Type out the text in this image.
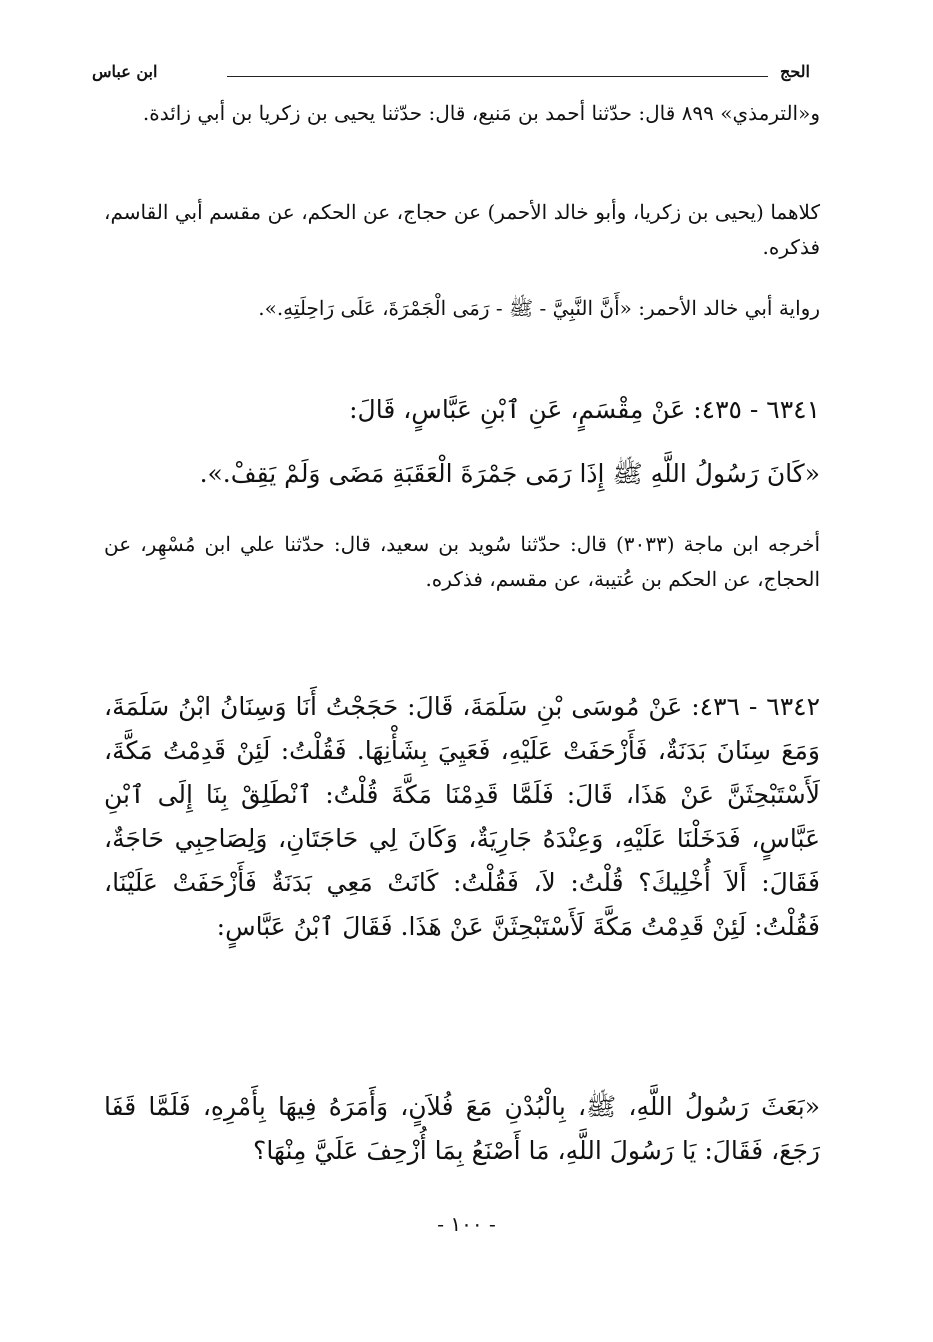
الحج
ابن عباس
و«الترمذي» ٨٩٩ قال: حدّثنا أحمد بن مَنيع، قال: حدّثنا يحيى بن زكريا بن أبي زائدة.
كلاهما (يحيى بن زكريا، وأبو خالد الأحمر) عن حجاج، عن الحكم، عن مقسم أبي القاسم، فذكره.
رواية أبي خالد الأحمر: «أَنَّ النَّبِيَّ - ﷺ - رَمَى الْجَمْرَةَ، عَلَى رَاحِلَتِهِ.».
٦٣٤١ - ٤٣٥: عَنْ مِقْسَمٍ، عَنِ ٱبْنِ عَبَّاسٍ، قَالَ:
«كَانَ رَسُولُ اللَّهِ ﷺ إِذَا رَمَى جَمْرَةَ الْعَقَبَةِ مَضَى وَلَمْ يَقِفْ.».
أخرجه ابن ماجة (٣٠٣٣) قال: حدّثنا سُويد بن سعيد، قال: حدّثنا علي ابن مُسْهِر، عن الحجاج، عن الحكم بن عُتيبة، عن مقسم، فذكره.
٦٣٤٢ - ٤٣٦: عَنْ مُوسَى بْنِ سَلَمَةَ، قَالَ: حَجَجْتُ أَنَا وَسِنَانُ ابْنُ سَلَمَةَ، وَمَعَ سِنَانَ بَدَنَةٌ، فَأَزْحَفَتْ عَلَيْهِ، فَعَيِيَ بِشَأْنِهَا. فَقُلْتُ: لَئِنْ قَدِمْتُ مَكَّةَ، لَأَسْتَبْحِثَنَّ عَنْ هَذَا، قَالَ: فَلَمَّا قَدِمْنَا مَكَّةَ قُلْتُ: ٱنْطَلِقْ بِنَا إِلَى ٱبْنِ عَبَّاسٍ، فَدَخَلْنَا عَلَيْهِ، وَعِنْدَهُ جَارِيَةٌ، وَكَانَ لِي حَاجَتَانِ، وَلِصَاحِبِي حَاجَةٌ، فَقَالَ: أَلاَ أُخْلِيكَ؟ قُلْتُ: لاَ، فَقُلْتُ: كَانَتْ مَعِي بَدَنَةٌ فَأَزْحَفَتْ عَلَيْنَا، فَقُلْتُ: لَئِنْ قَدِمْتُ مَكَّةَ لَأَسْتَبْحِثَنَّ عَنْ هَذَا. فَقَالَ ٱبْنُ عَبَّاسٍ:
«بَعَثَ رَسُولُ اللَّهِ، ﷺ، بِالْبُدْنِ مَعَ فُلاَنٍ، وَأَمَرَهُ فِيهَا بِأَمْرِهِ، فَلَمَّا قَفَا رَجَعَ، فَقَالَ: يَا رَسُولَ اللَّهِ، مَا أَصْنَعُ بِمَا أُزْحِفَ عَلَيَّ مِنْهَا؟
- ١٠٠ -
